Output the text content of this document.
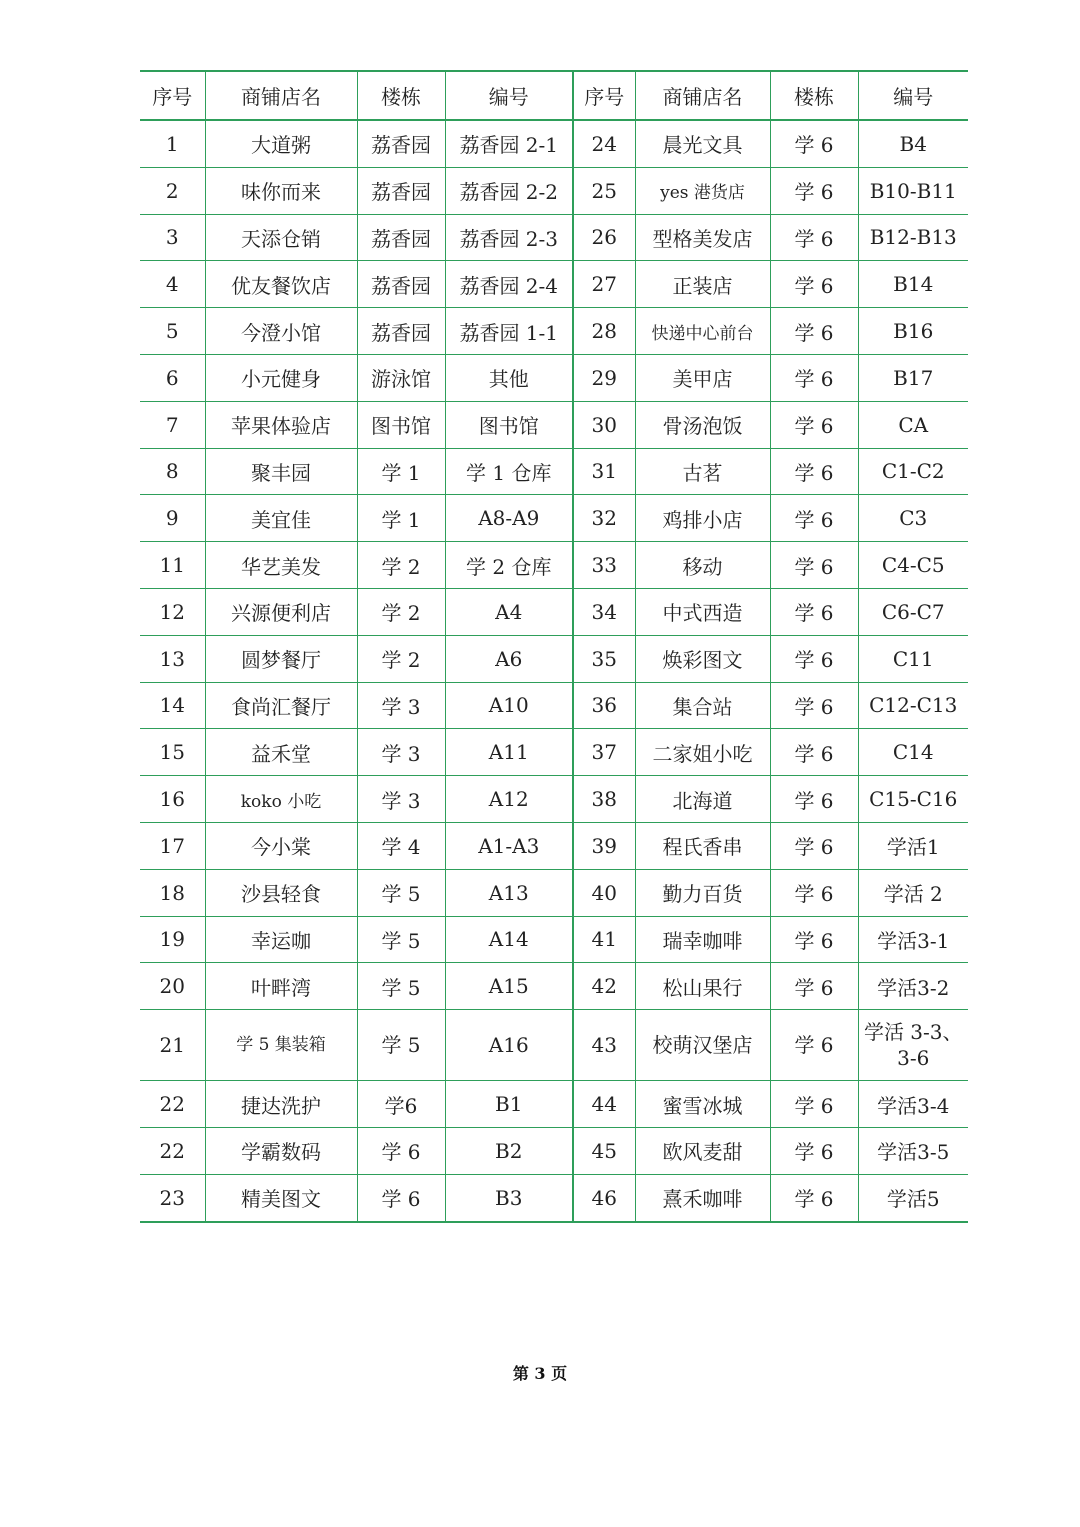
序号	商铺店名	楼栋	编号	序号	商铺店名	楼栋	编号
1	大道粥	荔香园	荔香园 2-1	24	晨光文具	学 6	B4
2	味你而来	荔香园	荔香园 2-2	25	yes 港货店	学 6	B10-B11
3	天添仓销	荔香园	荔香园 2-3	26	型格美发店	学 6	B12-B13
4	优友餐饮店	荔香园	荔香园 2-4	27	正装店	学 6	B14
5	今澄小馆	荔香园	荔香园 1-1	28	快递中心前台	学 6	B16
6	小元健身	游泳馆	其他	29	美甲店	学 6	B17
7	苹果体验店	图书馆	图书馆	30	骨汤泡饭	学 6	CA
8	聚丰园	学 1	学 1 仓库	31	古茗	学 6	C1-C2
9	美宜佳	学 1	A8-A9	32	鸡排小店	学 6	C3
11	华艺美发	学 2	学 2 仓库	33	移动	学 6	C4-C5
12	兴源便利店	学 2	A4	34	中式西造	学 6	C6-C7
13	圆梦餐厅	学 2	A6	35	焕彩图文	学 6	C11
14	食尚汇餐厅	学 3	A10	36	集合站	学 6	C12-C13
15	益禾堂	学 3	A11	37	二家姐小吃	学 6	C14
16	koko 小吃	学 3	A12	38	北海道	学 6	C15-C16
17	今小棠	学 4	A1-A3	39	程氏香串	学 6	学活1
18	沙县轻食	学 5	A13	40	勤力百货	学 6	学活 2
19	幸运咖	学 5	A14	41	瑞幸咖啡	学 6	学活3-1
20	叶畔湾	学 5	A15	42	松山果行	学 6	学活3-2
21	学 5 集装箱	学 5	A16	43	校萌汉堡店	学 6	学活 3-3、3-6
22	捷达洗护	学6	B1	44	蜜雪冰城	学 6	学活3-4
22	学霸数码	学 6	B2	45	欧风麦甜	学 6	学活3-5
23	精美图文	学 6	B3	46	熹禾咖啡	学 6	学活5
第 3 页
